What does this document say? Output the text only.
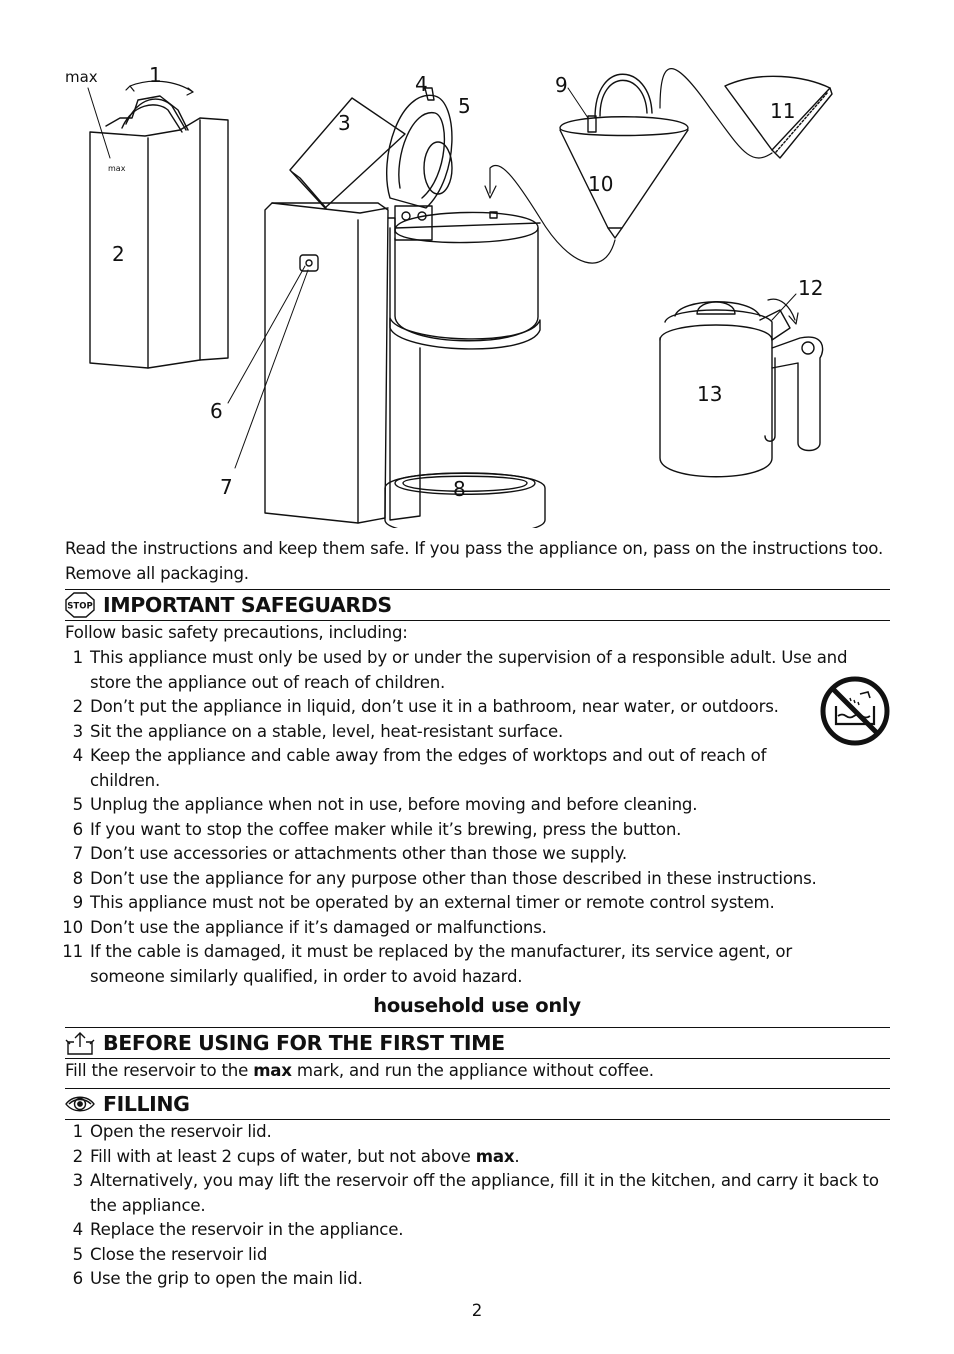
max
max
1
2
3
4
5
6
7	8
9
10
11
12
13
Read the instructions and keep them safe. If you pass the appliance on, pass on the instructions too. Remove all packaging.
STOP IMPORTANT SAFEGUARDS
Follow basic safety precautions, including:
1 This appliance must only be used by or under the supervision of a responsible adult. Use and store the appliance out of reach of children.
2 Don’t put the appliance in liquid, don’t use it in a bathroom, near water, or outdoors.
3 Sit the appliance on a stable, level, heat-resistant surface.
4 Keep the appliance and cable away from the edges of worktops and out of reach of children.
5 Unplug the appliance when not in use, before moving and before cleaning.
6 If you want to stop the coffee maker while it’s brewing, press the button.
7 Don’t use accessories or attachments other than those we supply.
8 Don’t use the appliance for any purpose other than those described in these instructions.
9 This appliance must not be operated by an external timer or remote control system.
10 Don’t use the appliance if it’s damaged or malfunctions.
11 If the cable is damaged, it must be replaced by the manufacturer, its service agent, or someone similarly qualified, in order to avoid hazard.
household use only
BEFORE USING FOR THE FIRST TIME
Fill the reservoir to the max mark, and run the appliance without coffee.
FILLING
1 Open the reservoir lid.
2 Fill with at least 2 cups of water, but not above max.
3 Alternatively, you may lift the reservoir off the appliance, fill it in the kitchen, and carry it back to the appliance.
4 Replace the reservoir in the appliance.
5 Close the reservoir lid
6 Use the grip to open the main lid.
2
